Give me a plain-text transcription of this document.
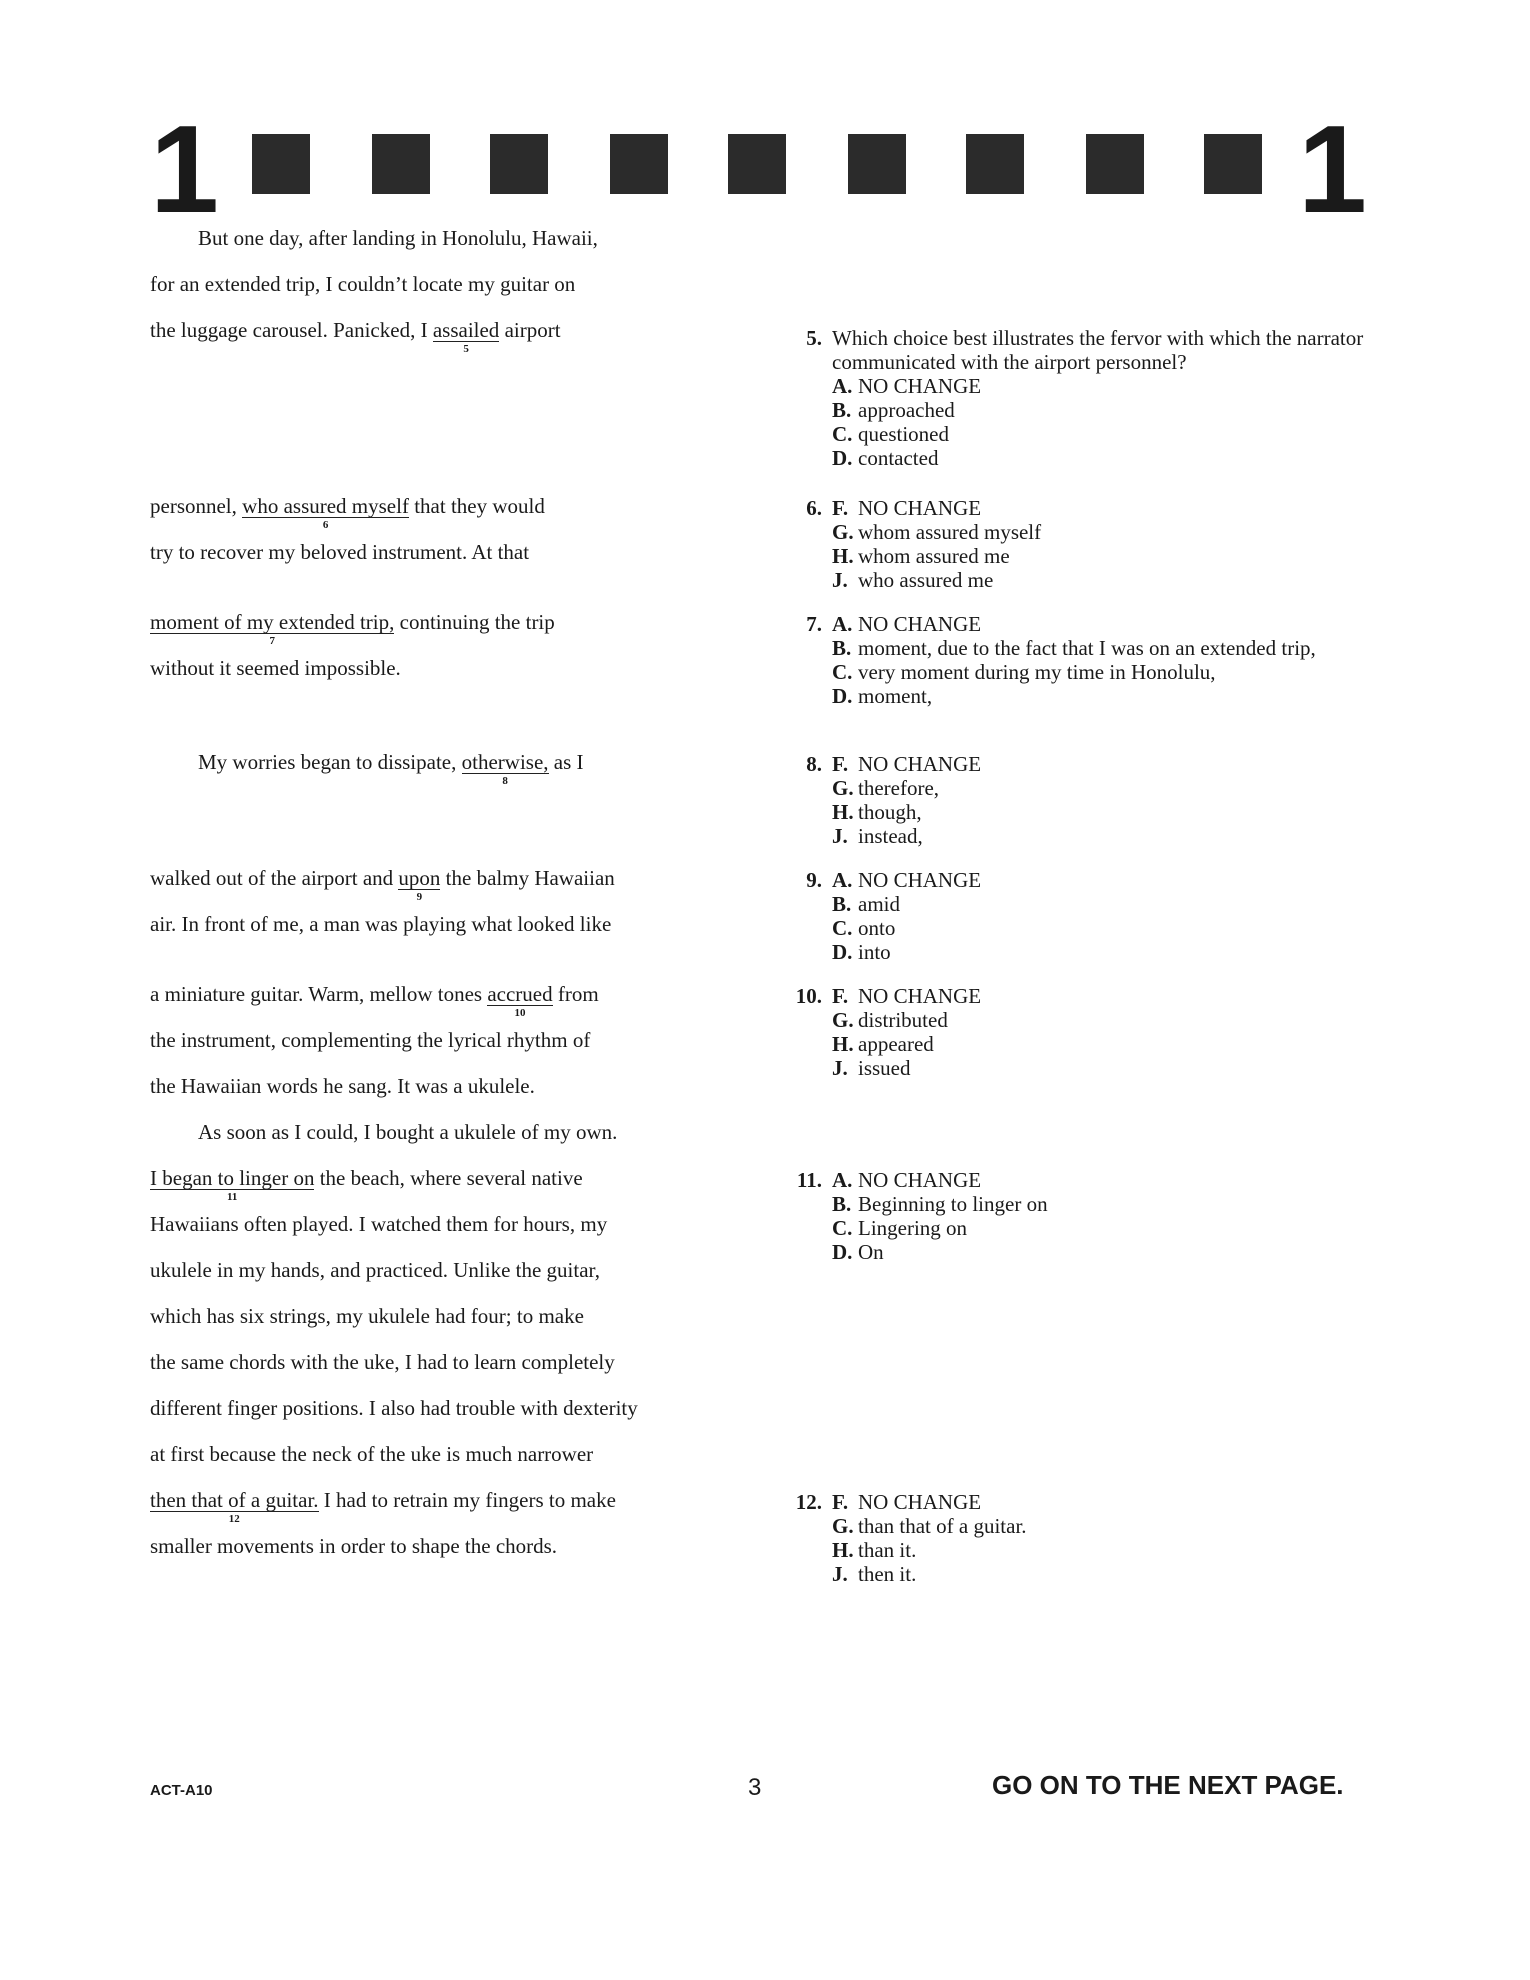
1	1
But one day, after landing in Honolulu, Hawaii,
for an extended trip, I couldn’t locate my guitar on
the luggage carousel. Panicked, I assailed
5
airport
personnel, who assured myself
6
that they would
try to recover my beloved instrument. At that
moment of my extended trip,
7
continuing the trip
without it seemed impossible.
My worries began to dissipate, otherwise,
8
as I
walked out of the airport and upon
9
the balmy Hawaiian
air. In front of me, a man was playing what looked like
a miniature guitar. Warm, mellow tones accrued
10
from
the instrument, complementing the lyrical rhythm of
the Hawaiian words he sang. It was a ukulele.
As soon as I could, I bought a ukulele of my own.
I began to linger on
11
the beach, where several native
Hawaiians often played. I watched them for hours, my
ukulele in my hands, and practiced. Unlike the guitar,
which has six strings, my ukulele had four; to make
the same chords with the uke, I had to learn completely
different finger positions. I also had trouble with dexterity
at first because the neck of the uke is much narrower
then that of a guitar.
12
I had to retrain my fingers to make
smaller movements in order to shape the chords.
5. Which choice best illustrates the fervor with which the narrator communicated with the airport personnel?
A. NO CHANGE
B. approached
C. questioned
D. contacted
6. F. NO CHANGE
G. whom assured myself
H. whom assured me
J. who assured me
7. A. NO CHANGE
B. moment, due to the fact that I was on an extended trip,
C. very moment during my time in Honolulu,
D. moment,
8. F. NO CHANGE
G. therefore,
H. though,
J. instead,
9. A. NO CHANGE
B. amid
C. onto
D. into
10. F. NO CHANGE
G. distributed
H. appeared
J. issued
11. A. NO CHANGE
B. Beginning to linger on
C. Lingering on
D. On
12. F. NO CHANGE
G. than that of a guitar.
H. than it.
J. then it.
ACT-A10	3	GO ON TO THE NEXT PAGE.
